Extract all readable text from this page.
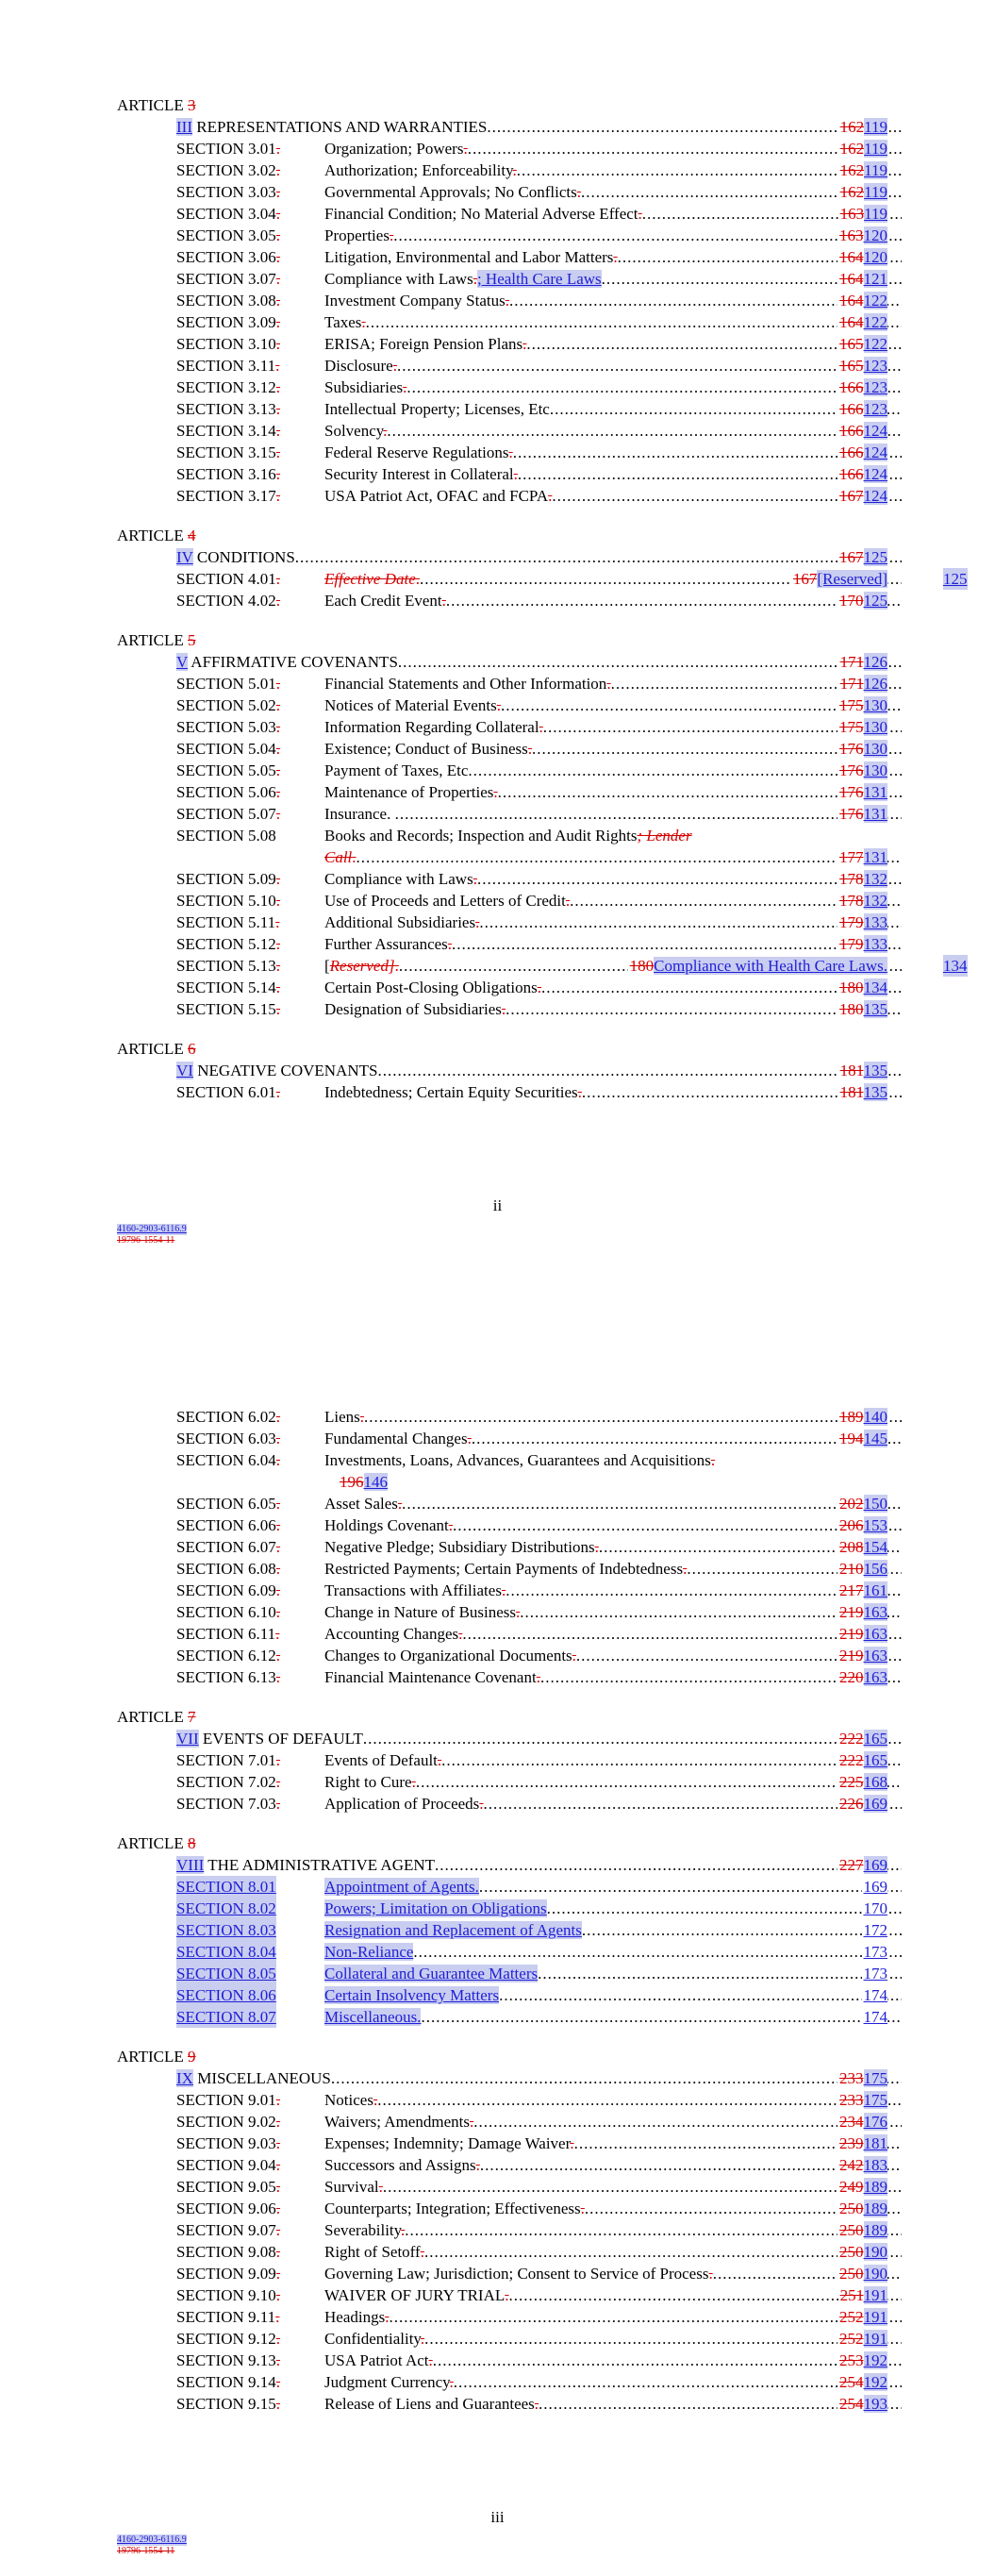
ARTICLE 3
III REPRESENTATIONS AND WARRANTIES .....	162119
SECTION 3.01.	Organization; Powers. .....	162119
SECTION 3.02.	Authorization; Enforceability. .....	162119
SECTION 3.03.	Governmental Approvals; No Conflicts. .....	162119
SECTION 3.04.	Financial Condition; No Material Adverse Effect. .....	163119
SECTION 3.05.	Properties. .....	163120
SECTION 3.06.	Litigation, Environmental and Labor Matters. .....	164120
SECTION 3.07.	Compliance with Laws.; Health Care Laws .....	164121
SECTION 3.08.	Investment Company Status. .....	164122
SECTION 3.09.	Taxes. .....	164122
SECTION 3.10.	ERISA; Foreign Pension Plans. .....	165122
SECTION 3.11.	Disclosure. .....	165123
SECTION 3.12.	Subsidiaries. .....	166123
SECTION 3.13.	Intellectual Property; Licenses, Etc .....	166123
SECTION 3.14.	Solvency. .....	166124
SECTION 3.15.	Federal Reserve Regulations. .....	166124
SECTION 3.16.	Security Interest in Collateral. .....	166124
SECTION 3.17.	USA Patriot Act, OFAC and FCPA. .....	167124
ARTICLE 4
IV CONDITIONS .....	167125
SECTION 4.01.	Effective Date. .....	167[Reserved]	125
SECTION 4.02.	Each Credit Event. .....	170125
ARTICLE 5
V AFFIRMATIVE COVENANTS .....	171126
SECTION 5.01.	Financial Statements and Other Information. .....	171126
SECTION 5.02.	Notices of Material Events. .....	175130
SECTION 5.03.	Information Regarding Collateral. .....	175130
SECTION 5.04.	Existence; Conduct of Business. .....	176130
SECTION 5.05.	Payment of Taxes, Etc .....	176130
SECTION 5.06.	Maintenance of Properties. .....	176131
SECTION 5.07.	Insurance. .....	176131
SECTION 5.08	Books and Records; Inspection and Audit Rights; Lender
Call. .....	177131
SECTION 5.09.	Compliance with Laws. .....	178132
SECTION 5.10.	Use of Proceeds and Letters of Credit. .....	178132
SECTION 5.11.	Additional Subsidiaries. .....	179133
SECTION 5.12.	Further Assurances. .....	179133
SECTION 5.13.	[Reserved]. .....	180Compliance with Health Care Laws.	134
SECTION 5.14.	Certain Post-Closing Obligations. .....	180134
SECTION 5.15.	Designation of Subsidiaries. .....	180135
ARTICLE 6
VI NEGATIVE COVENANTS .....	181135
SECTION 6.01.	Indebtedness; Certain Equity Securities. .....	181135
ii
4160-2903-6116.9
19796-1554-11
SECTION 6.02.	Liens. .....	189140
SECTION 6.03.	Fundamental Changes. .....	194145
SECTION 6.04.	Investments, Loans, Advances, Guarantees and Acquisitions.
196146
SECTION 6.05.	Asset Sales. .....	202150
SECTION 6.06.	Holdings Covenant. .....	206153
SECTION 6.07.	Negative Pledge; Subsidiary Distributions. .....	208154
SECTION 6.08.	Restricted Payments; Certain Payments of Indebtedness. .....	210156
SECTION 6.09.	Transactions with Affiliates. .....	217161
SECTION 6.10.	Change in Nature of Business. .....	219163
SECTION 6.11.	Accounting Changes. .....	219163
SECTION 6.12.	Changes to Organizational Documents. .....	219163
SECTION 6.13.	Financial Maintenance Covenant. .....	220163
ARTICLE 7
VII EVENTS OF DEFAULT .....	222165
SECTION 7.01.	Events of Default. .....	222165
SECTION 7.02.	Right to Cure. .....	225168
SECTION 7.03.	Application of Proceeds. .....	226169
ARTICLE 8
VIII THE ADMINISTRATIVE AGENT .....	227169
SECTION 8.01	Appointment of Agents. .....	169
SECTION 8.02	Powers; Limitation on Obligations .....	170
SECTION 8.03	Resignation and Replacement of Agents .....	172
SECTION 8.04	Non-Reliance .....	173
SECTION 8.05	Collateral and Guarantee Matters .....	173
SECTION 8.06	Certain Insolvency Matters .....	174
SECTION 8.07	Miscellaneous. .....	174
ARTICLE 9
IX MISCELLANEOUS .....	233175
SECTION 9.01.	Notices. .....	233175
SECTION 9.02.	Waivers; Amendments. .....	234176
SECTION 9.03.	Expenses; Indemnity; Damage Waiver. .....	239181
SECTION 9.04.	Successors and Assigns. .....	242183
SECTION 9.05.	Survival. .....	249189
SECTION 9.06.	Counterparts; Integration; Effectiveness. .....	250189
SECTION 9.07.	Severability. .....	250189
SECTION 9.08.	Right of Setoff. .....	250190
SECTION 9.09.	Governing Law; Jurisdiction; Consent to Service of Process. .....	250190
SECTION 9.10.	WAIVER OF JURY TRIAL. .....	251191
SECTION 9.11.	Headings. .....	252191
SECTION 9.12.	Confidentiality. .....	252191
SECTION 9.13.	USA Patriot Act. .....	253192
SECTION 9.14.	Judgment Currency. .....	254192
SECTION 9.15.	Release of Liens and Guarantees. .....	254193
iii
4160-2903-6116.9
19796-1554-11
